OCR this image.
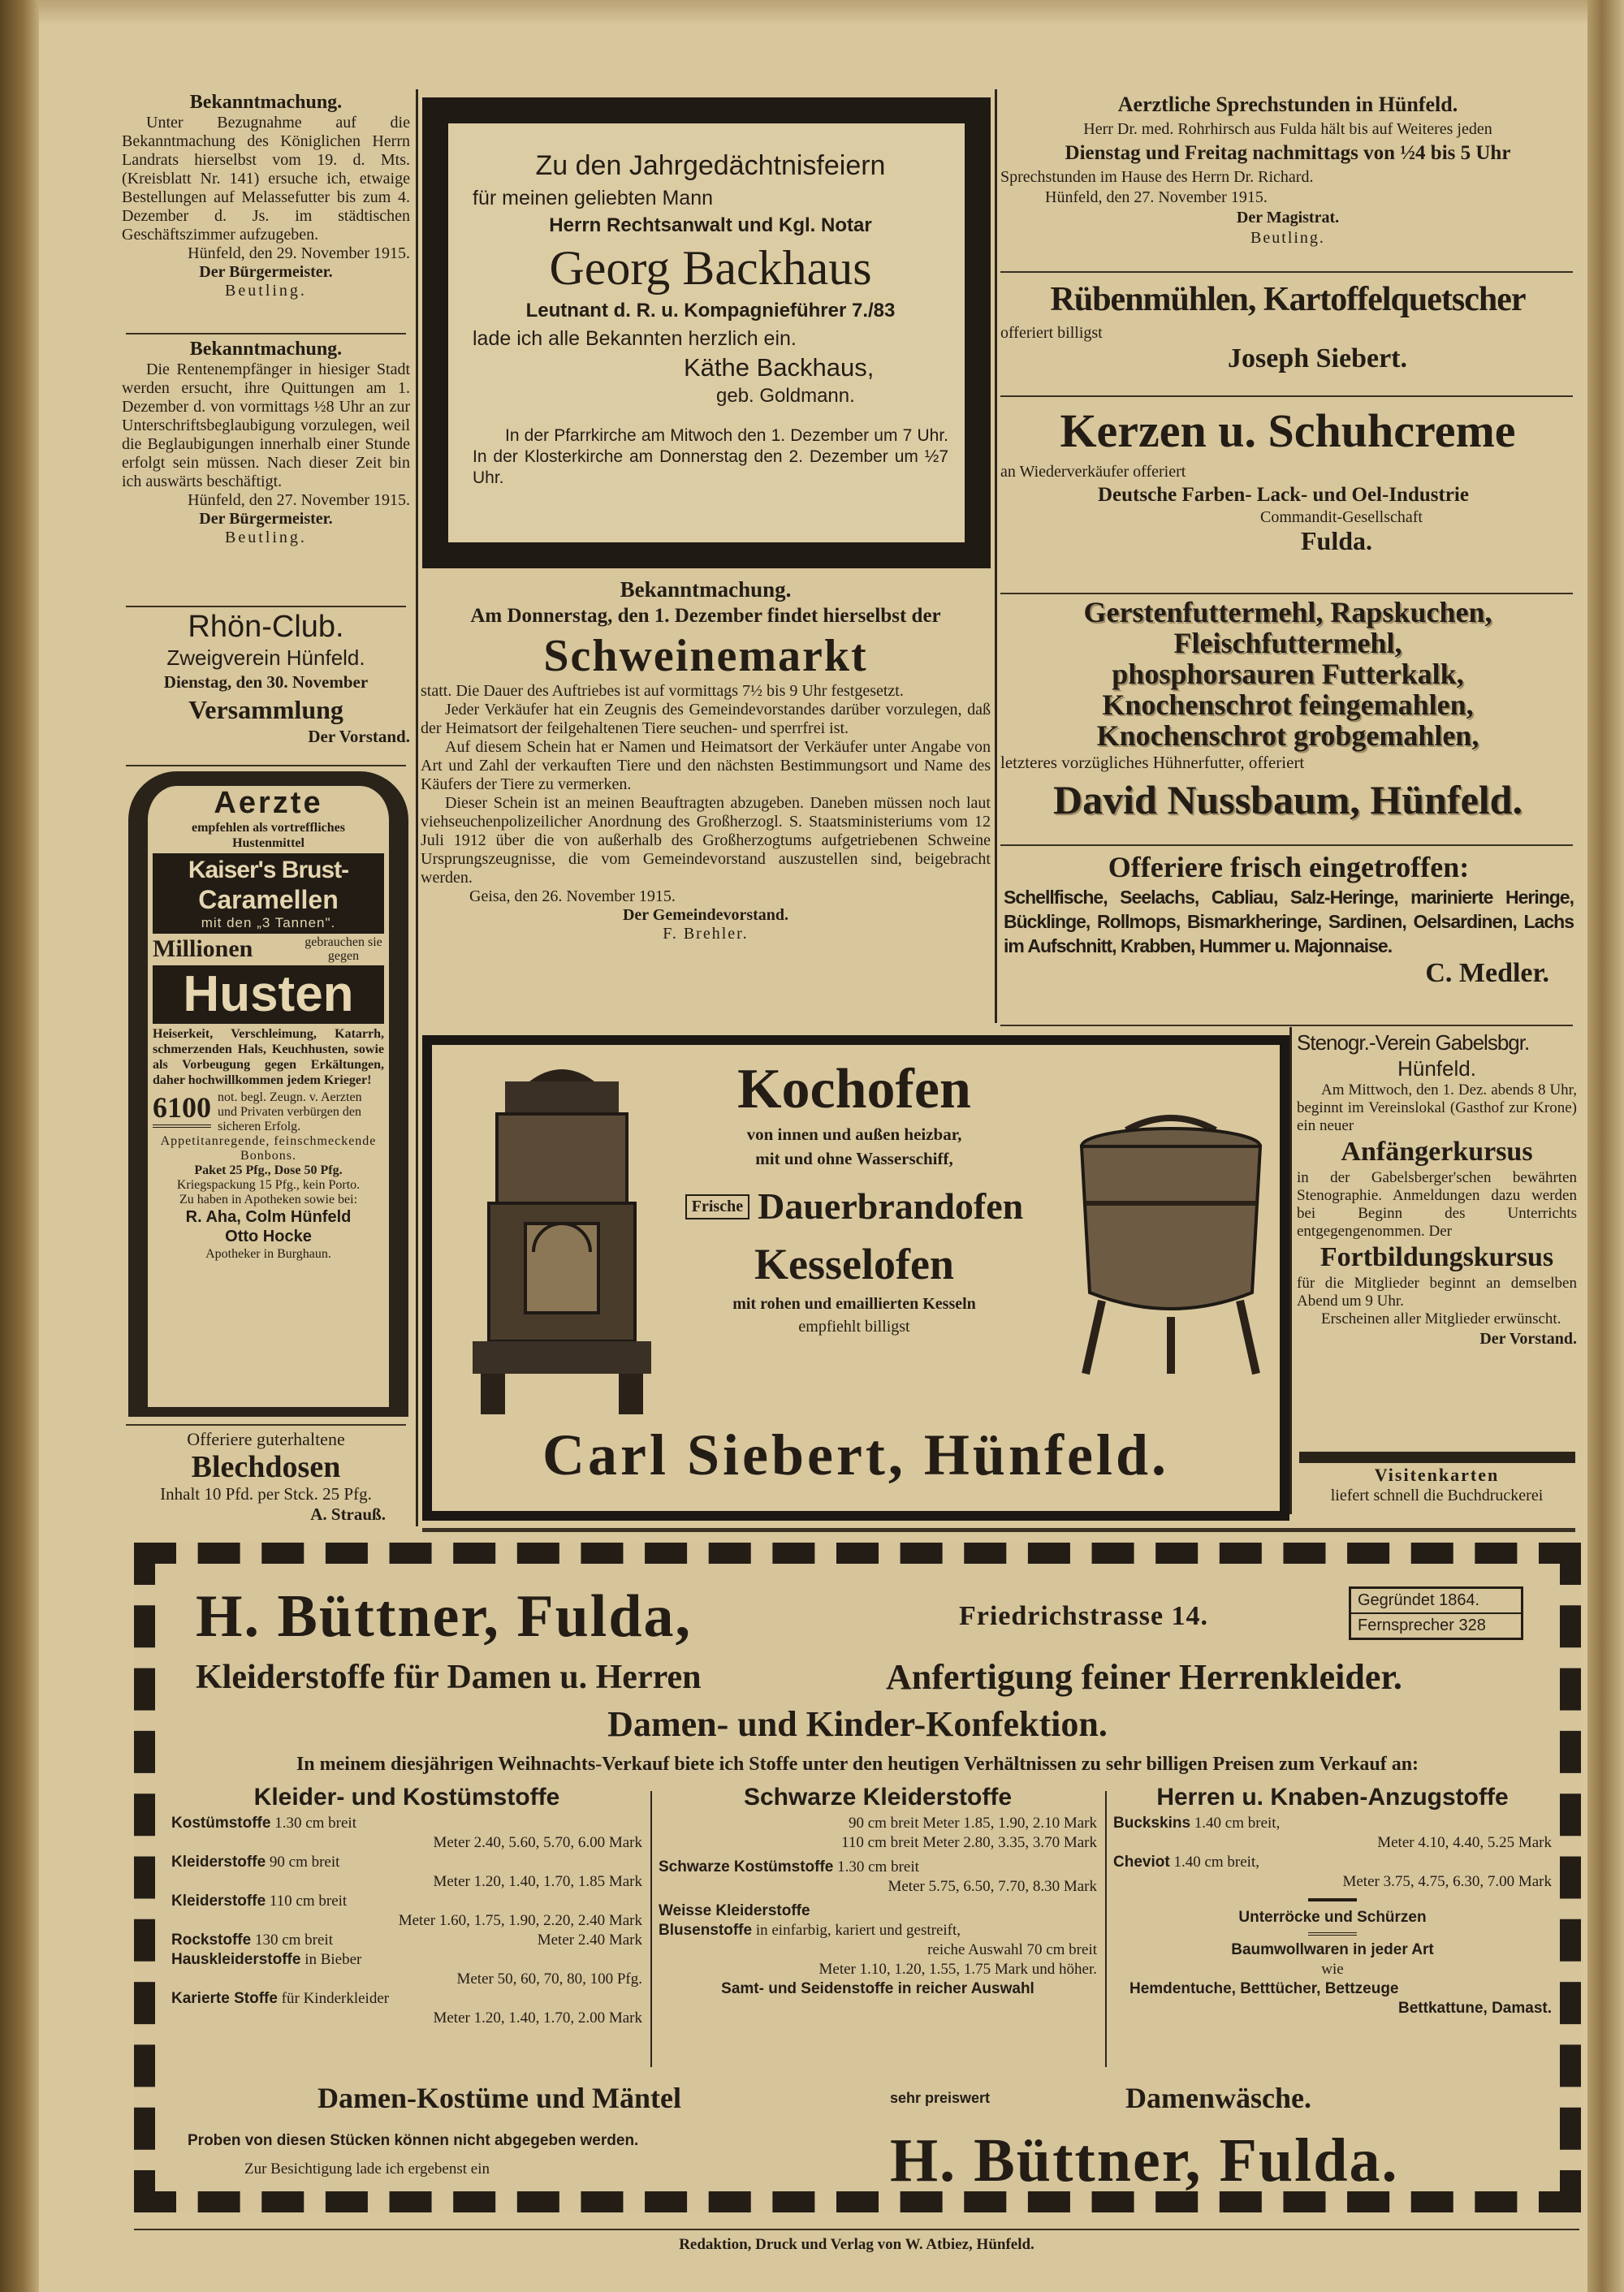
Bekanntmachung.

Unter Bezugnahme auf die Bekanntmachung des Königlichen Herrn Landrats hierselbst vom 19. d. Mts. (Kreisblatt Nr. 141) ersuche ich, etwaige Bestellungen auf Melassefutter bis zum 4. Dezember d. Js. im städtischen Geschäftszimmer aufzugeben.

Hünfeld, den 29. November 1915.

Der Bürgermeister.

Beutling.

Bekanntmachung.

Die Rentenempfänger in hiesiger Stadt werden ersucht, ihre Quittungen am 1. Dezember d. von vormittags ½8 Uhr an zur Unterschriftsbeglaubigung vorzulegen, weil die Beglaubigungen innerhalb einer Stunde erfolgt sein müssen. Nach dieser Zeit bin ich auswärts beschäftigt.

Hünfeld, den 27. November 1915.

Der Bürgermeister.

Beutling.

Rhön-Club.
Zweigverein Hünfeld.
Dienstag, den 30. November
Versammlung
Der Vorstand.
Aerzte
empfehlen als vortreffliches
Hustenmittel
Kaiser's Brust-
Caramellen
mit den „3 Tannen".
Millionen	gebrauchen sie gegen
Husten
Heiserkeit, Verschleimung, Katarrh, schmerzenden Hals, Keuchhusten, sowie als Vorbeugung gegen Erkältungen, daher hochwillkommen jedem Krieger!
6100 not. begl. Zeugn. v. Aerzten und Privaten verbürgen den sicheren Erfolg.
Appetitanregende, feinschmeckende Bonbons.
Paket 25 Pfg., Dose 50 Pfg.
Kriegspackung 15 Pfg., kein Porto.
Zu haben in Apotheken sowie bei:
R. Aha, Colm Hünfeld
Otto Hocke
Apotheker in Burghaun.
Offeriere guterhaltene
Blechdosen
Inhalt 10 Pfd. per Stck. 25 Pfg.
A. Strauß.
Zu den Jahrgedächtnisfeiern
für meinen geliebten Mann
Herrn Rechtsanwalt und Kgl. Notar
Georg Backhaus
Leutnant d. R. u. Kompagnieführer 7./83
lade ich alle Bekannten herzlich ein.
Käthe Backhaus,
geb. Goldmann.
In der Pfarrkirche am Mitwoch den 1. Dezember um 7 Uhr. In der Klosterkirche am Donnerstag den 2. Dezember um ½7 Uhr.
Bekanntmachung.
Am Donnerstag, den 1. Dezember findet hierselbst der
Schweinemarkt

statt. Die Dauer des Auftriebes ist auf vormittags 7½ bis 9 Uhr festgesetzt.

Jeder Verkäufer hat ein Zeugnis des Gemeindevorstandes darüber vorzulegen, daß der Heimatsort der feilgehaltenen Tiere seuchen- und sperrfrei ist.

Auf diesem Schein hat er Namen und Heimatsort der Verkäufer unter Angabe von Art und Zahl der verkauften Tiere und den nächsten Bestimmungsort und Name des Käufers der Tiere zu vermerken.

Dieser Schein ist an meinen Beauftragten abzugeben. Daneben müssen noch laut viehseuchenpolizeilicher Anordnung des Großherzogl. S. Staatsministeriums vom 12 Juli 1912 über die von außerhalb des Großherzogtums aufgetriebenen Schweine Ursprungszeugnisse, die vom Gemeindevorstand auszustellen sind, beigebracht werden.

Geisa, den 26. November 1915.

Der Gemeindevorstand.

F. Brehler.

Aerztliche Sprechstunden in Hünfeld.
Herr Dr. med. Rohrhirsch aus Fulda hält bis auf Weiteres jeden
Dienstag und Freitag nachmittags von ½4 bis 5 Uhr
Sprechstunden im Hause des Herrn Dr. Richard.
Hünfeld, den 27. November 1915.
Der Magistrat.
Beutling.
Rübenmühlen, Kartoffelquetscher
offeriert billigst
Joseph Siebert.
Kerzen u. Schuhcreme
an Wiederverkäufer offeriert
Deutsche Farben- Lack- und Oel-Industrie
Commandit-Gesellschaft
Fulda.
Gerstenfuttermehl, Rapskuchen,
Fleischfuttermehl,
phosphorsauren Futterkalk,
Knochenschrot feingemahlen,
Knochenschrot grobgemahlen,
letzteres vorzügliches Hühnerfutter, offeriert
David Nussbaum, Hünfeld.
Offeriere frisch eingetroffen:
Schellfische, Seelachs, Cabliau, Salz-Heringe, marinierte Heringe, Bücklinge, Rollmops, Bismarkheringe, Sardinen, Oelsardinen, Lachs im Aufschnitt, Krabben, Hummer u. Majonnaise.
C. Medler.
Kochofen
von innen und außen heizbar,
mit und ohne Wasserschiff,
Frische Dauerbrandofen
Kesselofen
mit rohen und emaillierten Kesseln
empfiehlt billigst
Carl Siebert, Hünfeld.
Stenogr.-Verein Gabelsbgr.
Hünfeld.

Am Mittwoch, den 1. Dez. abends 8 Uhr, beginnt im Vereinslokal (Gasthof zur Krone) ein neuer

Anfängerkursus

in der Gabelsberger'schen bewährten Stenographie. Anmeldungen dazu werden bei Beginn des Unterrichts entgegengenommen. Der

Fortbildungskursus

für die Mitglieder beginnt an demselben Abend um 9 Uhr.

Erscheinen aller Mitglieder erwünscht.

Der Vorstand.

Visitenkarten
liefert schnell die Buchdruckerei
H. Büttner, Fulda,	Friedrichstrasse 14.
Gegründet 1864.
Fernsprecher 328
Kleiderstoffe für Damen u. Herren	Anfertigung feiner Herrenkleider.
Damen- und Kinder-Konfektion.
In meinem diesjährigen Weihnachts-Verkauf biete ich Stoffe unter den heutigen Verhältnissen zu sehr billigen Preisen zum Verkauf an:
Kleider- und Kostümstoffe

Kostümstoffe 1.30 cm breit

Meter 2.40, 5.60, 5.70, 6.00 Mark

Kleiderstoffe 90 cm breit

Meter 1.20, 1.40, 1.70, 1.85 Mark

Kleiderstoffe 110 cm breit

Meter 1.60, 1.75, 1.90, 2.20, 2.40 Mark

Rockstoffe 130 cm breit	Meter 2.40 Mark

Hauskleiderstoffe in Bieber

Meter 50, 60, 70, 80, 100 Pfg.

Karierte Stoffe für Kinderkleider

Meter 1.20, 1.40, 1.70, 2.00 Mark

Schwarze Kleiderstoffe

90 cm breit Meter 1.85, 1.90, 2.10 Mark

110 cm breit Meter 2.80, 3.35, 3.70 Mark

Schwarze Kostümstoffe 1.30 cm breit

Meter 5.75, 6.50, 7.70, 8.30 Mark

Weisse Kleiderstoffe

Blusenstoffe in einfarbig, kariert und gestreift,

reiche Auswahl 70 cm breit

Meter 1.10, 1.20, 1.55, 1.75 Mark und höher.

Samt- und Seidenstoffe in reicher Auswahl

Herren u. Knaben-Anzugstoffe

Buckskins 1.40 cm breit,

Meter 4.10, 4.40, 5.25 Mark

Cheviot 1.40 cm breit,

Meter 3.75, 4.75, 6.30, 7.00 Mark

Unterröcke und Schürzen

Baumwollwaren in jeder Art

wie

Hemdentuche, Betttücher, Bettzeuge

Bettkattune, Damast.

Damen-Kostüme und Mäntel	sehr preiswert	Damenwäsche.
Proben von diesen Stücken können nicht abgegeben werden.
Zur Besichtigung lade ich ergebenst ein	H. Büttner, Fulda.
Redaktion, Druck und Verlag von W. Atbiez, Hünfeld.
